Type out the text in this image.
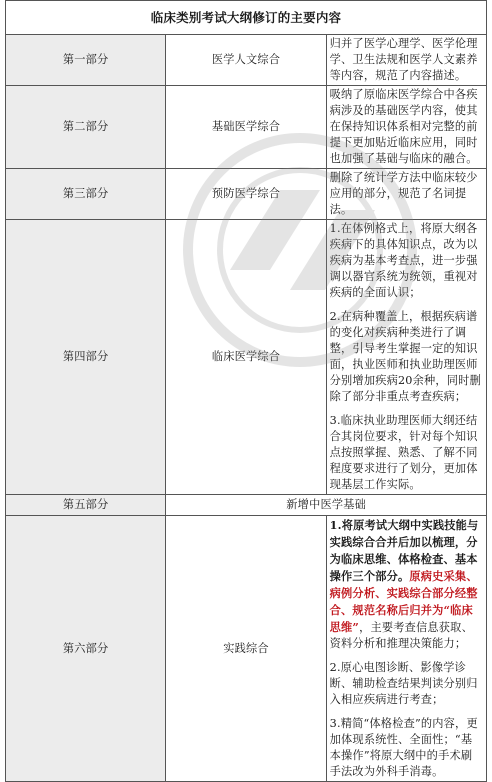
临床类别考试大纲修订的主要内容		
第一部分	医学人文综合	归并了医学心理学、医学伦理学、卫生法规和医学人文素养等内容，规范了内容描述。
第二部分	基础医学综合	吸纳了原临床医学综合中各疾病涉及的基础医学内容，使其在保持知识体系相对完整的前提下更加贴近临床应用，同时也加强了基础与临床的融合。
第三部分	预防医学综合	删除了统计学方法中临床较少应用的部分，规范了名词提法。
第四部分	临床医学综合	1.在体例格式上，将原大纲各疾病下的具体知识点，改为以疾病为基本考查点，进一步强调以器官系统为统领，重视对疾病的全面认识；

2.在病种覆盖上，根据疾病谱的变化对疾病种类进行了调整，引导考生掌握一定的知识面，执业医师和执业助理医师分别增加疾病20余种，同时删除了部分非重点考查疾病；

3.临床执业助理医师大纲还结合其岗位要求，针对每个知识点按照掌握、熟悉、了解不同程度要求进行了划分，更加体现基层工作实际。

第五部分	新增中医学基础	
第六部分	实践综合	1.将原考试大纲中实践技能与实践综合合并后加以梳理，分为临床思维、体格检查、基本操作三个部分。原病史采集、病例分析、实践综合部分经整合、规范名称后归并为“临床思维”，主要考查信息获取、资料分析和推理决策能力；

2.原心电图诊断、影像学诊断、辅助检查结果判读分别归入相应疾病进行考查；

3.精简“体格检查”的内容，更加体现系统性、全面性；“基本操作”将原大纲中的手术刷手法改为外科手消毒。
